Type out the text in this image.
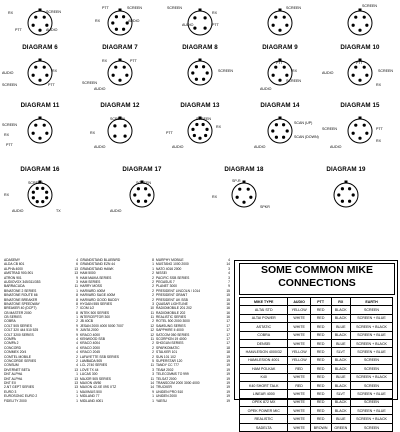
RX	SCREEN
PTT	AUDIO
PTT	SCREEN
RX	AUDIO
SCREEN
RX
AUDIO	PTT
SCREEN	SCREEN
DIAGRAM 6
SCREEN
RX
AUDIO
PTT
DIAGRAM 7
RX	PTT
SCREEN
AUDIO
DIAGRAM 8
SCREEN
DIAGRAM 9
PTT
RX
SCREEN
AUDIO
DIAGRAM 10
PTT
SCREEN
AUDIO
RX
DIAGRAM 11
SCREEN
RX
PTT
DIAGRAM 12
SCREEN
RX
AUDIO
DIAGRAM 13
SCREEN
RX
PTT
AUDIO
DIAGRAM 14
SCAN (UP)
SCAN (DOWN)
AUDIO
DIAGRAM 15
SCREEN	PTT
AUDIO
RX
DIAGRAM 16
SCREEN
RX
AUDIO	TX
DIAGRAM 17
SCREEN
AUDIO
DIAGRAM 18
SP-R
RX
SPKR
DIAGRAM 19
ADASEMY	4
ALDA CB 601	6
ALPHA 4000	13
AMSTRAD 900-901	13
ATRON 901	9
AUDIOVOX 345/311/353	3
BARRACUDA	11
BINATONE 2 SERIES	1
BINATONE ROUTE 66	8
BINATONE BREAKER	8
BINATONE SPEEDWAY	8
BREAKER 40 (DCPT)	7
CB MASTER 2000	8
CB SERIES	1
COBRA	2
COLT 505 SERIES	9
COLT 320 444 510 525	9
COLT 3200 SERIES	9
COMPA	4
COMPA 2	4
CONCORD	4
COMMEX 20/4	4
COMTEL MOBILE	2
CONCORDE SERIES	2
CONSUM	4
DIVERNET BETA	13
DNT ALPHA	1
DNT ALPHA	13
DNT EX	13
2-NT GEPT SERIES	13
EURO 3	1
EUROSONIC EURO 2	1
FIDELITY 2000	1
GRANDSTAND BLUEBIRD	8
GRANDSTAND EZN 44	1
GRANDSTAND HAWK	1
HAM 5000	2
HAM MAIKA SERIES	2
HAM SERIES	2
HARRY MOSS	2
HARVARD 400M	2
HARVARD SAGE 400M	2
HARVARD GOOD BUDDY	2
HYGAIN 555 SERIES	3
ICOM 1/2	10
INTEK 500 SERIES	11
INTERCEPTOR 300	11
JB 40CB	2
JESAN 2000 4000 5000 7007	12
JUNTA 2000	12
KRACO 4000	12
KENWOOD SSB	11
KRACO 4004	2
KRACO 2000	2
KRACO 2045	2
LAFAYETTE SSB SERIES	2
LAMBADA 505	5
LCL 2740 SERIES	11
LOVE TX 44	3
LUCAS 300	3
MAJOR 505 SERIES	11
MAXON 49/50	14
MAXON 42-XE 09S XTZ	14
MAXIMUS 500	9
MIDLAND 77	1
MIDLAND 4001	1
MURPHY MOBILE	4
MUSTANG 1000 2000	14
NATO 4016 2000	3
NISSEI	4
PACIFIC SSB SERIES	3
PEGASUS 7	7
PLANET 3000	9
PRESIDENT LINCOLN / 1014	15
PRESIDENT GRANT	15
PRESIDENT UK SSB	15
QUASAR LIGHTLINE	16
RADIOMOBILE 201 202	16
RADIOMOBILE 202	16
REALISTIC SERIES	16
ROTEL 500 2000 3000	17
SAMSUNG SERIES	17
SAPPHIRE II 4000	17
SATCOM 050 SERIES	17
SCORPION 19 4000	17
SHOGUN SERIES	17
SPARKOMATIC	18
STALKER 101	18
SUN 101 102	19
SUPERSTAR 120	19
TANDY CC 777	19
TEAM 2002	19
TELECOMMS TO 999	19
TELSAT 2000	19
TRANSCOM 2000 3000 4000	19
TRUCKER	19
UNIDEN PRO 510	19
UNIDEN 2000	19
YAESU	19
SOME COMMON MIKE CONNECTIONS
MIKE TYPE	AUDIO	PTT	RX	EARTH
ALTAI STD	YELLOW	RED	BLACK	SCREEN
ALTAI POWER	WHITE	RED	BLACK	SCREEN + BLUE
ASTATIC	WHITE	RED	BLUE	SCREEN + BLACK
COBRA	WHITE	RED	BLACK	SCREEN + BLUE
DENSEI	WHITE	RED	BLUE	SCREEN + BLACK
HAM/LESION 4000/32	YELLOW	RED	SLVT	SCREEN + BLUE
HAM/LESION 4001	YELLOW	RED	BLACK	SCREEN
HAM POLKAK	RED	RED	BLACK	SCREEN
K40	WHITE	RED	BLUE	SCREEN + BLACK
K40 SHORT TALK	RED	RED	BLACK	SCREEN
LINEAR 4000	WHITE	RED	SLVT	SCREEN + BLUE
OPEK 872 MX	WHITE	RED	BLACK	SCREEN
OPEK POWER MIC	WHITE	RED	BLACK	SCREEN + BLUE
REALISTIC	WHITE	RED	BLUE	SCREEN + BLACK
SADELTA	WHITE	BROWN	GREEN	SCREEN
